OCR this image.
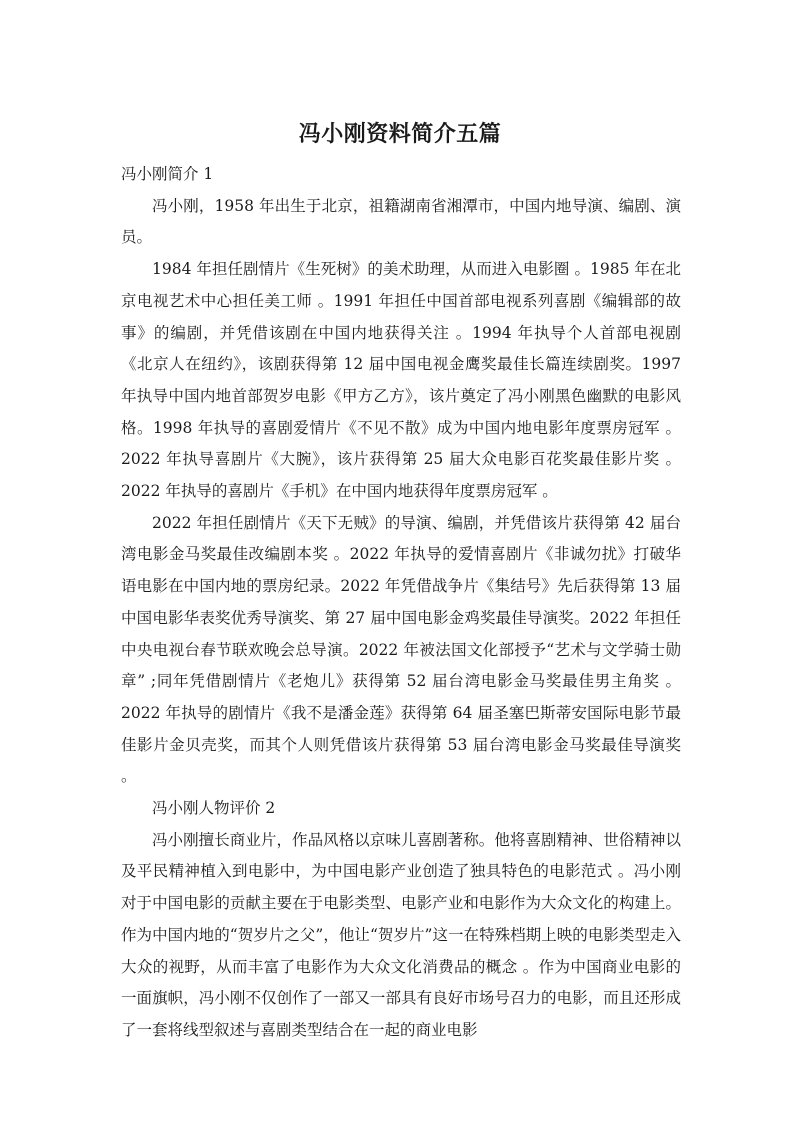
冯小刚资料简介五篇

冯小刚简介 1

冯小刚，1958 年出生于北京，祖籍湖南省湘潭市，中国内地导演、编剧、演员。

1984 年担任剧情片《生死树》的美术助理，从而进入电影圈 。1985 年在北京电视艺术中心担任美工师 。1991 年担任中国首部电视系列喜剧《编辑部的故事》的编剧，并凭借该剧在中国内地获得关注 。1994 年执导个人首部电视剧《北京人在纽约》，该剧获得第 12 届中国电视金鹰奖最佳长篇连续剧奖。1997 年执导中国内地首部贺岁电影《甲方乙方》，该片奠定了冯小刚黑色幽默的电影风格。1998 年执导的喜剧爱情片《不见不散》成为中国内地电影年度票房冠军 。2022 年执导喜剧片《大腕》，该片获得第 25 届大众电影百花奖最佳影片奖 。2022 年执导的喜剧片《手机》在中国内地获得年度票房冠军 。

2022 年担任剧情片《天下无贼》的导演、编剧，并凭借该片获得第 42 届台湾电影金马奖最佳改编剧本奖 。2022 年执导的爱情喜剧片《非诚勿扰》打破华语电影在中国内地的票房纪录。2022 年凭借战争片《集结号》先后获得第 13 届中国电影华表奖优秀导演奖、第 27 届中国电影金鸡奖最佳导演奖。2022 年担任中央电视台春节联欢晚会总导演。2022 年被法国文化部授予“艺术与文学骑士勋章” ;同年凭借剧情片《老炮儿》获得第 52 届台湾电影金马奖最佳男主角奖 。2022 年执导的剧情片《我不是潘金莲》获得第 64 届圣塞巴斯蒂安国际电影节最佳影片金贝壳奖，而其个人则凭借该片获得第 53 届台湾电影金马奖最佳导演奖 。

冯小刚人物评价 2

冯小刚擅长商业片，作品风格以京味儿喜剧著称。他将喜剧精神、世俗精神以及平民精神植入到电影中，为中国电影产业创造了独具特色的电影范式 。冯小刚对于中国电影的贡献主要在于电影类型、电影产业和电影作为大众文化的构建上。作为中国内地的“贺岁片之父”，他让“贺岁片”这一在特殊档期上映的电影类型走入大众的视野，从而丰富了电影作为大众文化消费品的概念 。作为中国商业电影的一面旗帜，冯小刚不仅创作了一部又一部具有良好市场号召力的电影，而且还形成了一套将线型叙述与喜剧类型结合在一起的商业电影
